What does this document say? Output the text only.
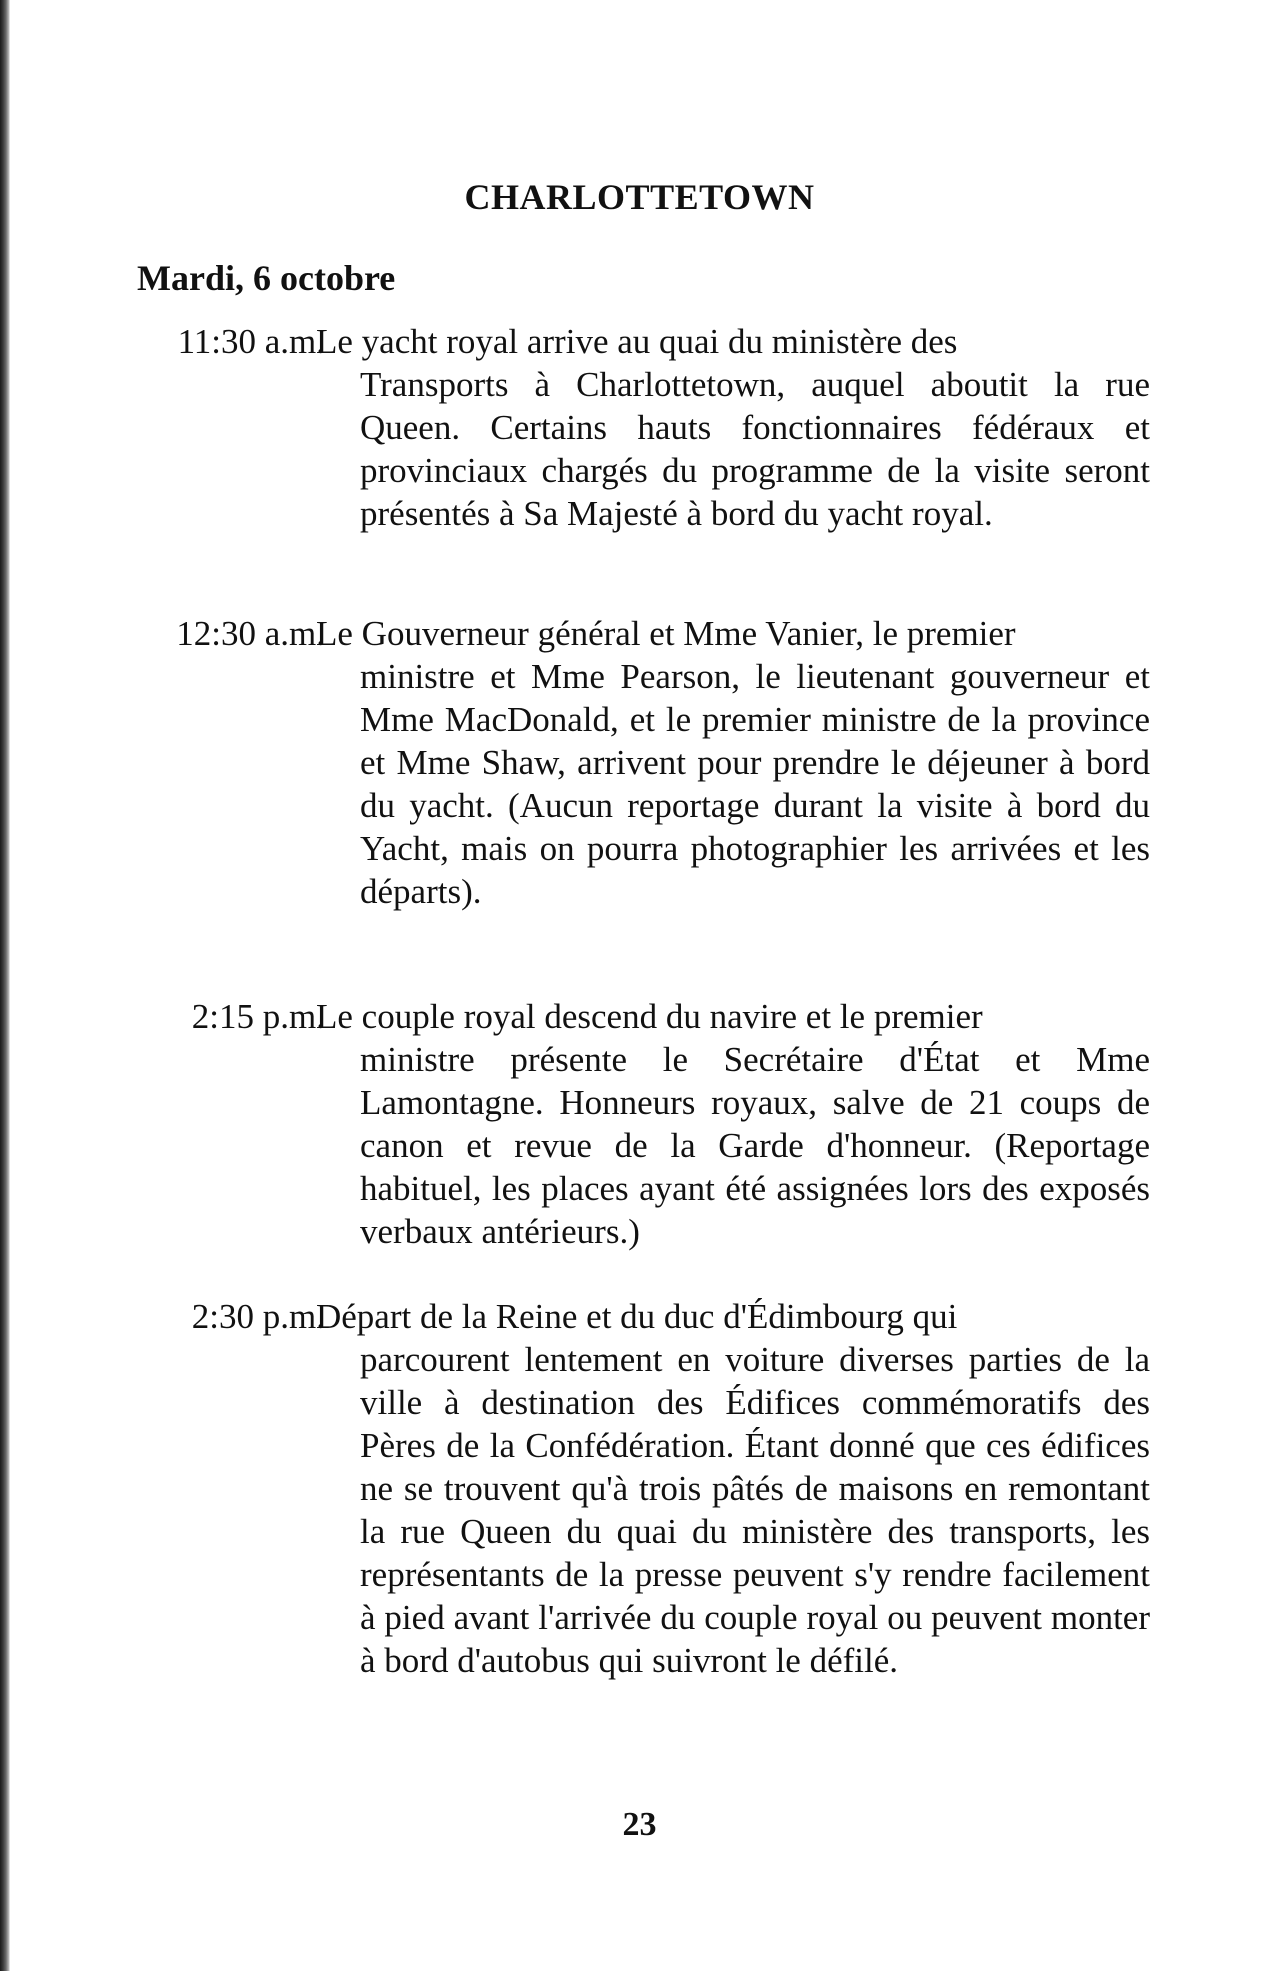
CHARLOTTETOWN
Mardi, 6 octobre
11:30 a.m.
Le yacht royal arrive au quai du ministère des
Transports à Charlottetown, auquel aboutit la rue Queen. Certains hauts fonctionnaires fédéraux et provinciaux chargés du programme de la visite seront présentés à Sa Majesté à bord du yacht royal.
12:30 a.m.
Le Gouverneur général et Mme Vanier, le premier
ministre et Mme Pearson, le lieutenant gouverneur et Mme MacDonald, et le premier ministre de la province et Mme Shaw, arrivent pour prendre le déjeuner à bord du yacht. (Aucun reportage durant la visite à bord du Yacht, mais on pourra photographier les arrivées et les départs).
2:15 p.m.
Le couple royal descend du navire et le premier
ministre présente le Secrétaire d'État et Mme Lamontagne. Honneurs royaux, salve de 21 coups de canon et revue de la Garde d'honneur. (Reportage habituel, les places ayant été assignées lors des exposés verbaux antérieurs.)
2:30 p.m.
Départ de la Reine et du duc d'Édimbourg qui
parcourent lentement en voiture diverses parties de la ville à destination des Édifices commémoratifs des Pères de la Confédération. Étant donné que ces édifices ne se trouvent qu'à trois pâtés de maisons en remontant la rue Queen du quai du ministère des transports, les représentants de la presse peuvent s'y rendre facilement à pied avant l'arrivée du couple royal ou peuvent monter à bord d'autobus qui suivront le défilé.
23
